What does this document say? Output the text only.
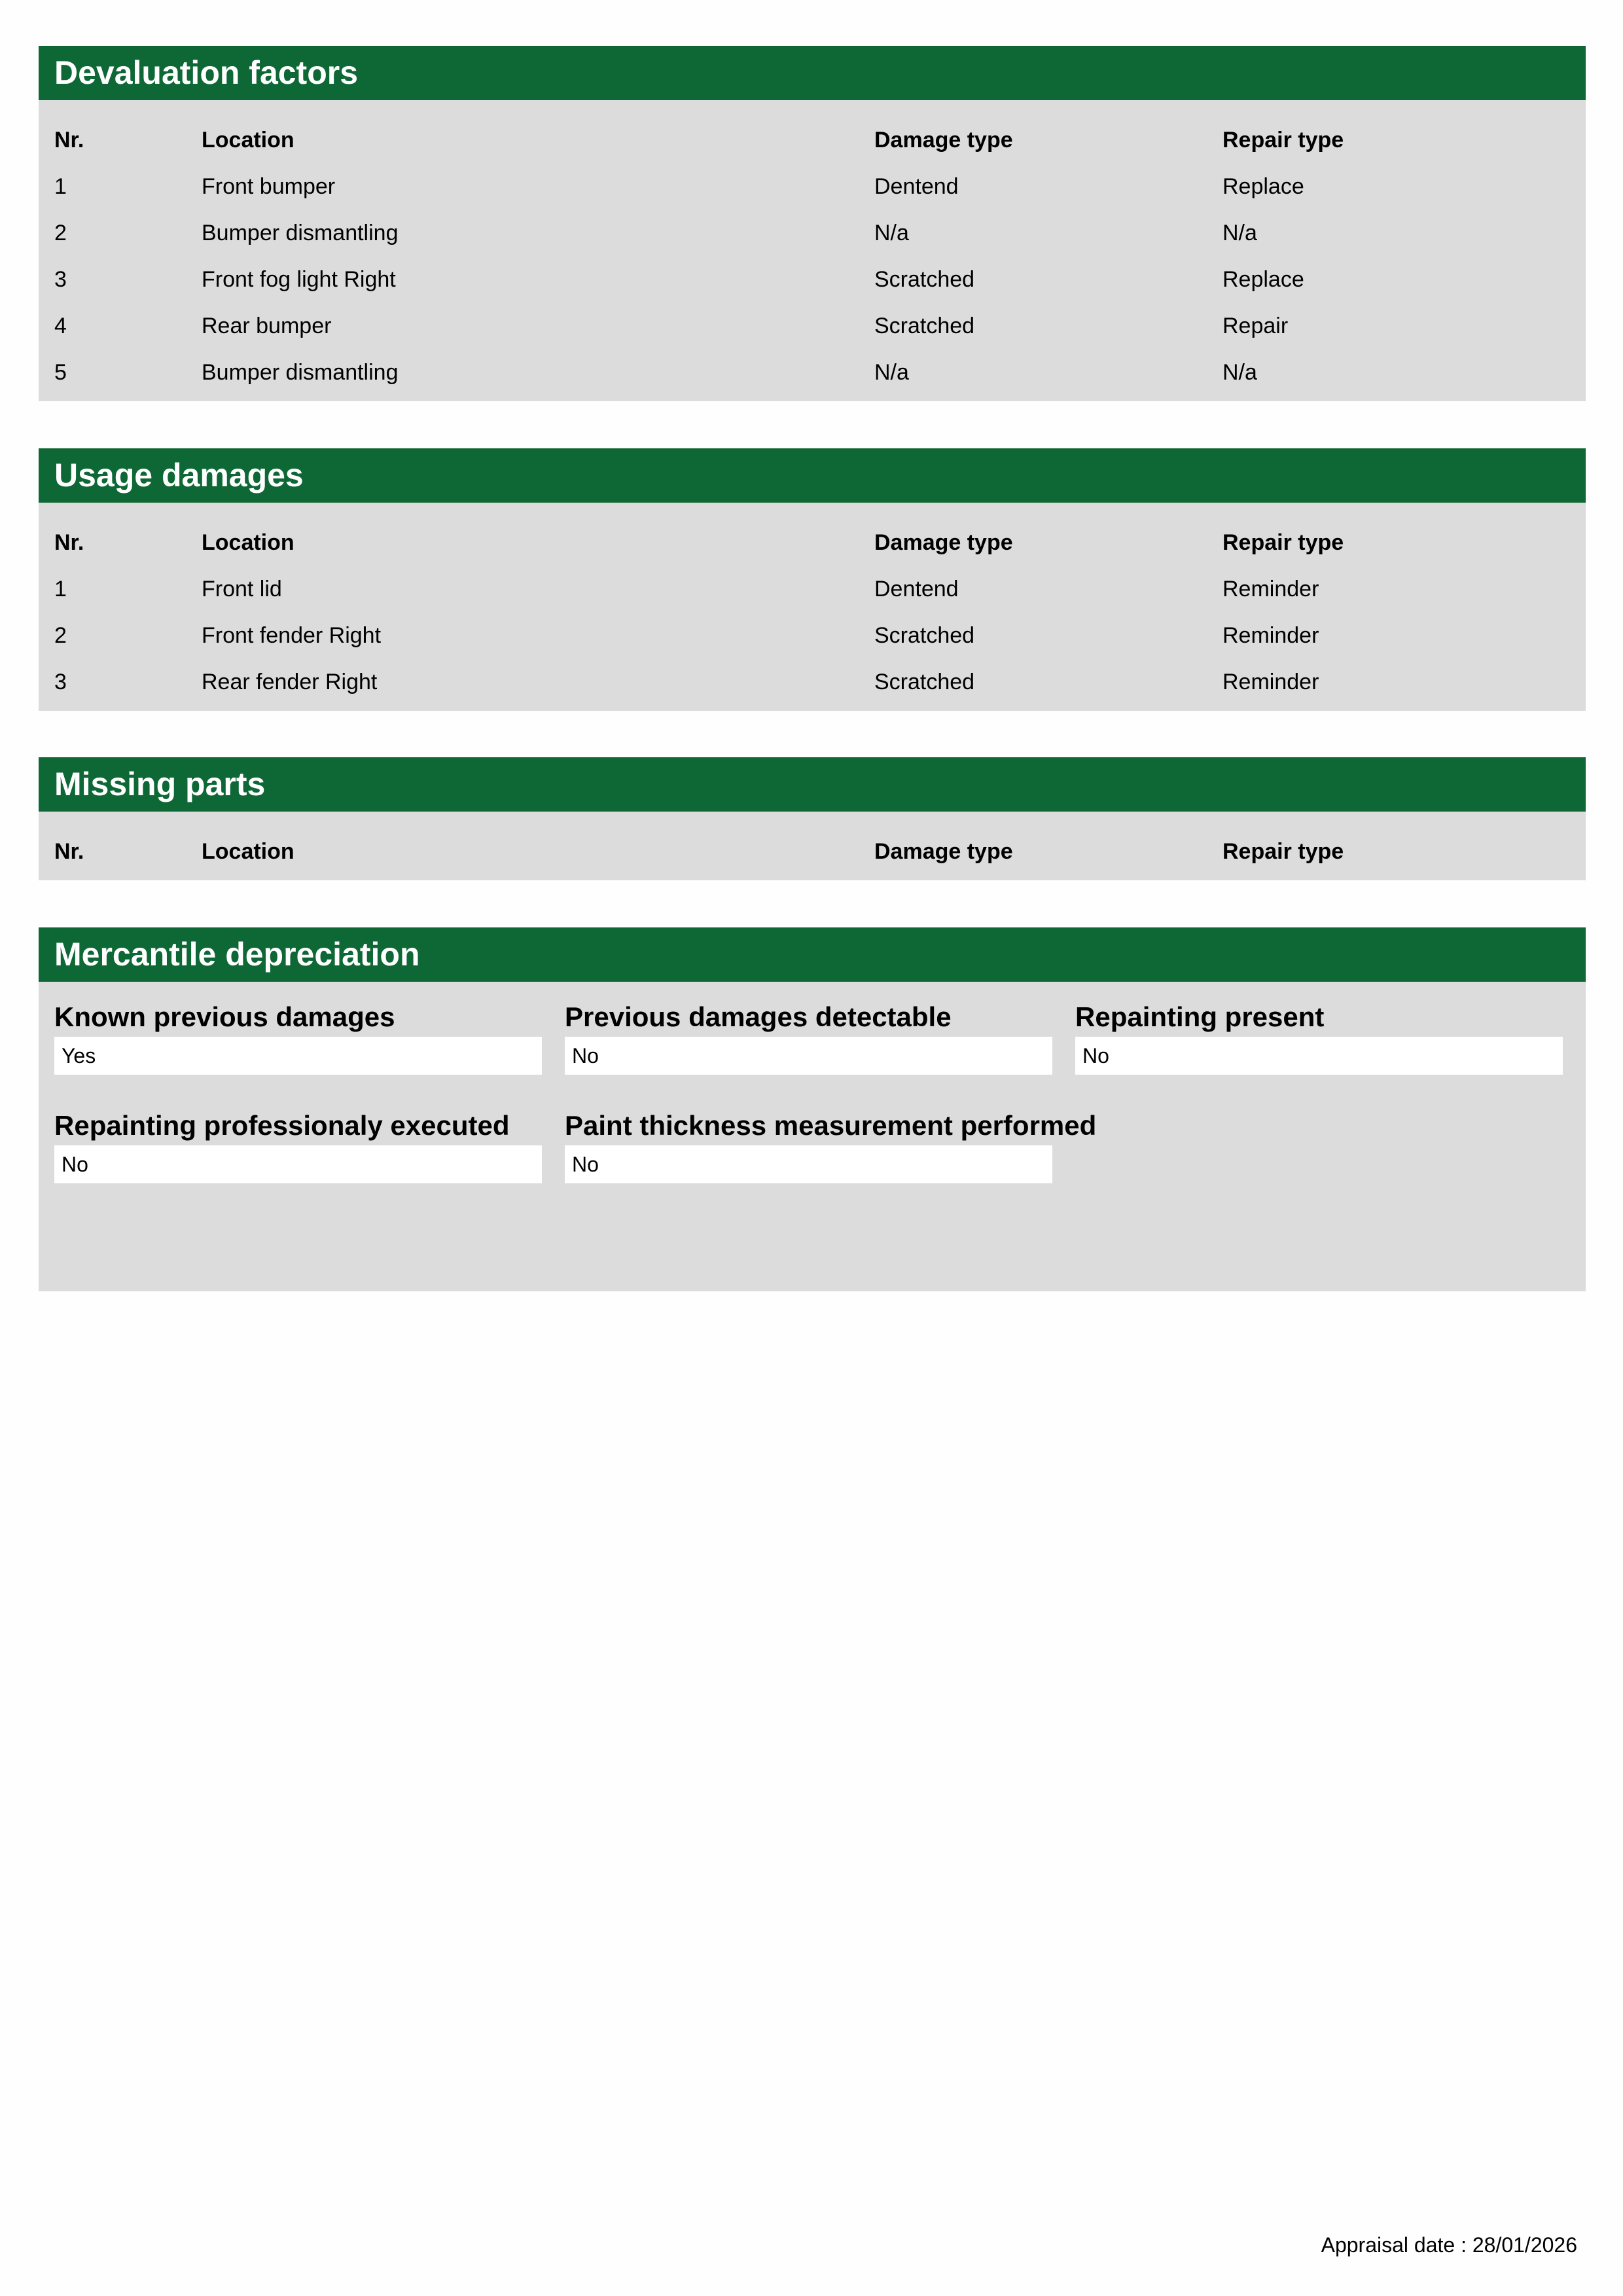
Devaluation factors
Nr.	Location	Damage type	Repair type
1	Front bumper	Dentend	Replace
2	Bumper dismantling	N/a	N/a
3	Front fog light Right	Scratched	Replace
4	Rear bumper	Scratched	Repair
5	Bumper dismantling	N/a	N/a
Usage damages
Nr.	Location	Damage type	Repair type
1	Front lid	Dentend	Reminder
2	Front fender Right	Scratched	Reminder
3	Rear fender Right	Scratched	Reminder
Missing parts
Nr.	Location	Damage type	Repair type
Mercantile depreciation
Known previous damages
Yes
Previous damages detectable
No
Repainting present
No
Repainting professionaly executed
No
Paint thickness measurement performed
No
Appraisal date : 28/01/2026
